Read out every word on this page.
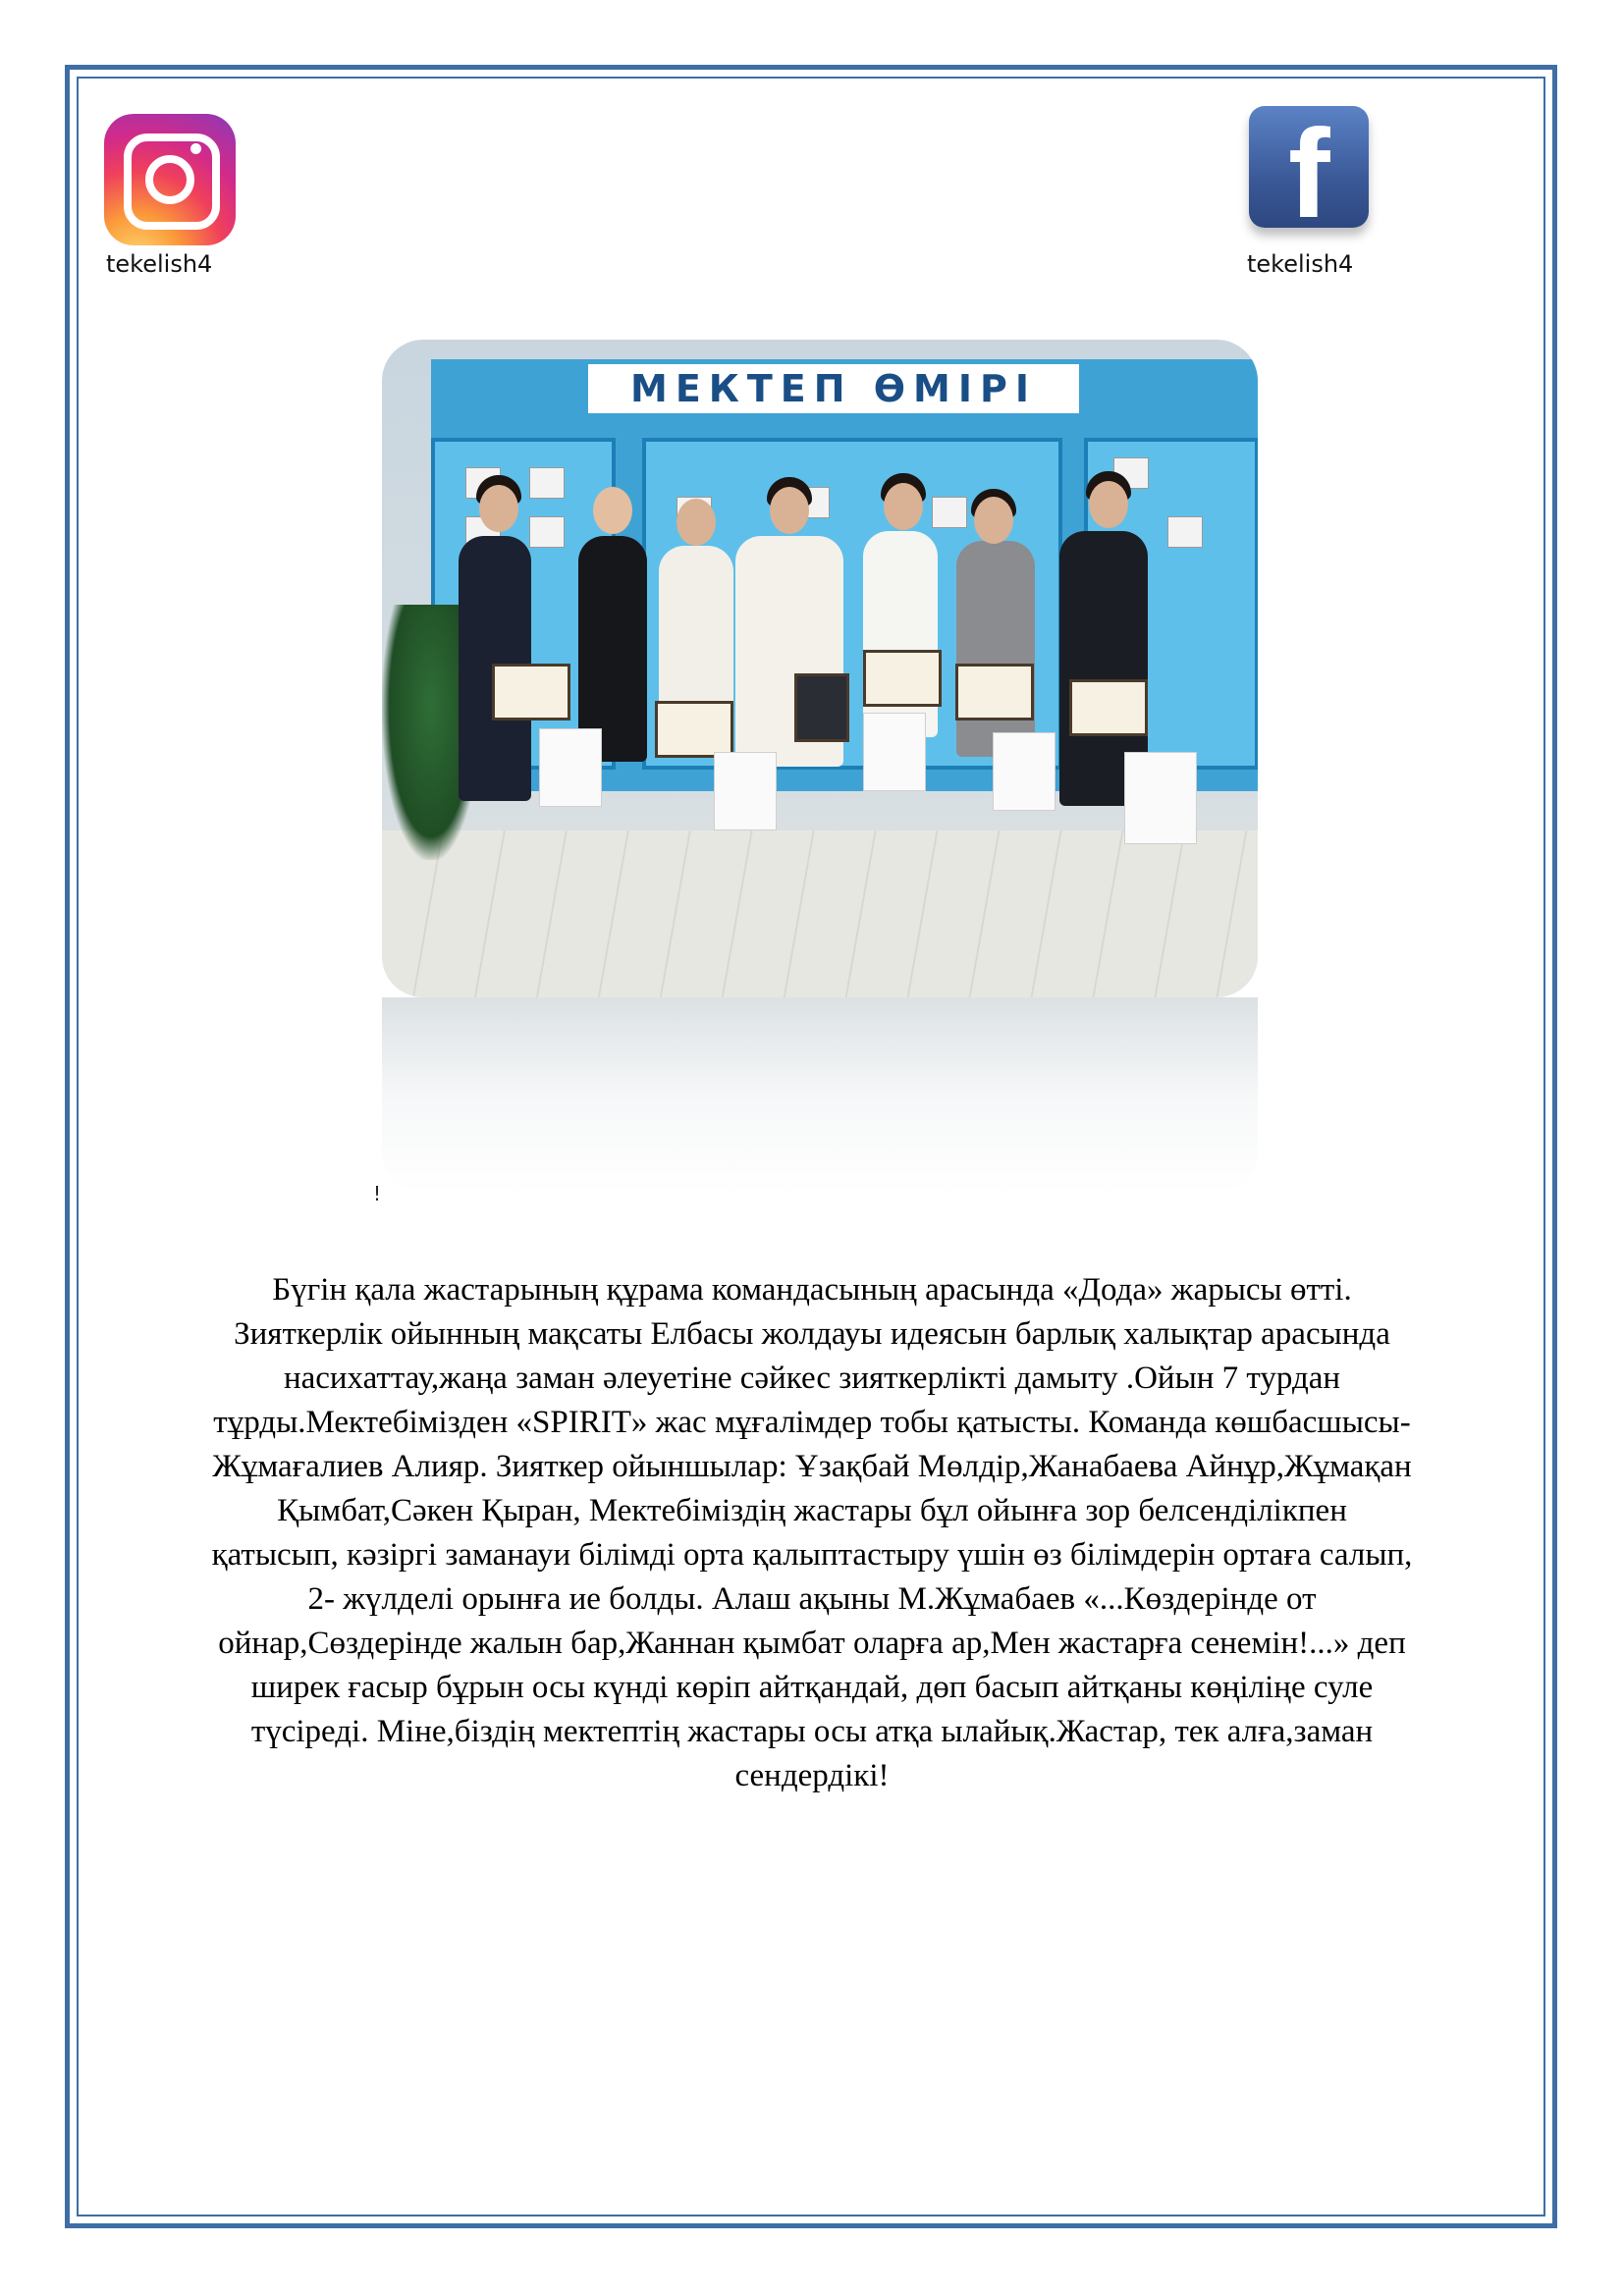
tekelish4
f
tekelish4
МЕКТЕП ӨМІРІ
!
Бүгін қала жастарының құрама командасының арасында «Дода» жарысы өтті.
Зияткерлік ойынның мақсаты Елбасы жолдауы идеясын барлық халықтар арасында
насихаттау,жаңа заман әлеуетіне сәйкес зияткерлікті дамыту .Ойын 7 турдан
тұрды.Мектебімізден «SPIRIT» жас мұғалімдер тобы қатысты. Команда көшбасшысы-
Жұмағалиев Алияр. Зияткер ойыншылар: Ұзақбай Мөлдір,Жанабаева Айнұр,Жұмақан
Қымбат,Сәкен Қыран, Мектебіміздің жастары бұл ойынға зор белсенділікпен
қатысып, кәзіргі заманауи білімді орта қалыптастыру үшін өз білімдерін ортаға салып,
2- жүлделі орынға ие болды. Алаш ақыны М.Жұмабаев «...Көздерінде от
ойнар,Сөздерінде жалын бар,Жаннан қымбат оларға ар,Мен жастарға сенемін!...» деп
ширек ғасыр бұрын осы күнді көріп айтқандай, дөп басып айтқаны көңіліңе суле
түсіреді. Міне,біздің мектептің жастары осы атқа ылайық.Жастар, тек алға,заман
сендердікі!
